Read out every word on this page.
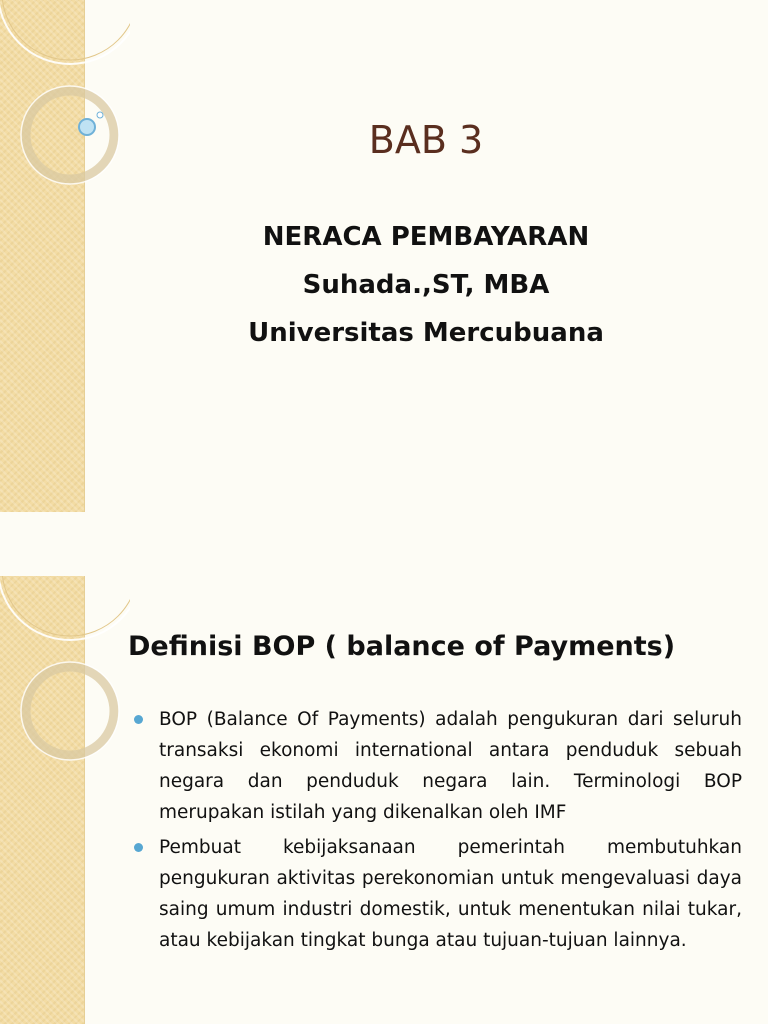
BAB 3
NERACA PEMBAYARAN
Suhada.,ST, MBA
Universitas Mercubuana
Definisi BOP ( balance of Payments)
BOP (Balance Of Payments) adalah pengukuran dari seluruh transaksi ekonomi international antara penduduk sebuah negara dan penduduk negara lain. Terminologi BOP merupakan istilah yang dikenalkan oleh IMF
Pembuat kebijaksanaan pemerintah membutuhkan pengukuran aktivitas perekonomian untuk mengevaluasi daya saing umum industri domestik, untuk menentukan nilai tukar, atau kebijakan tingkat bunga atau tujuan-tujuan lainnya.
